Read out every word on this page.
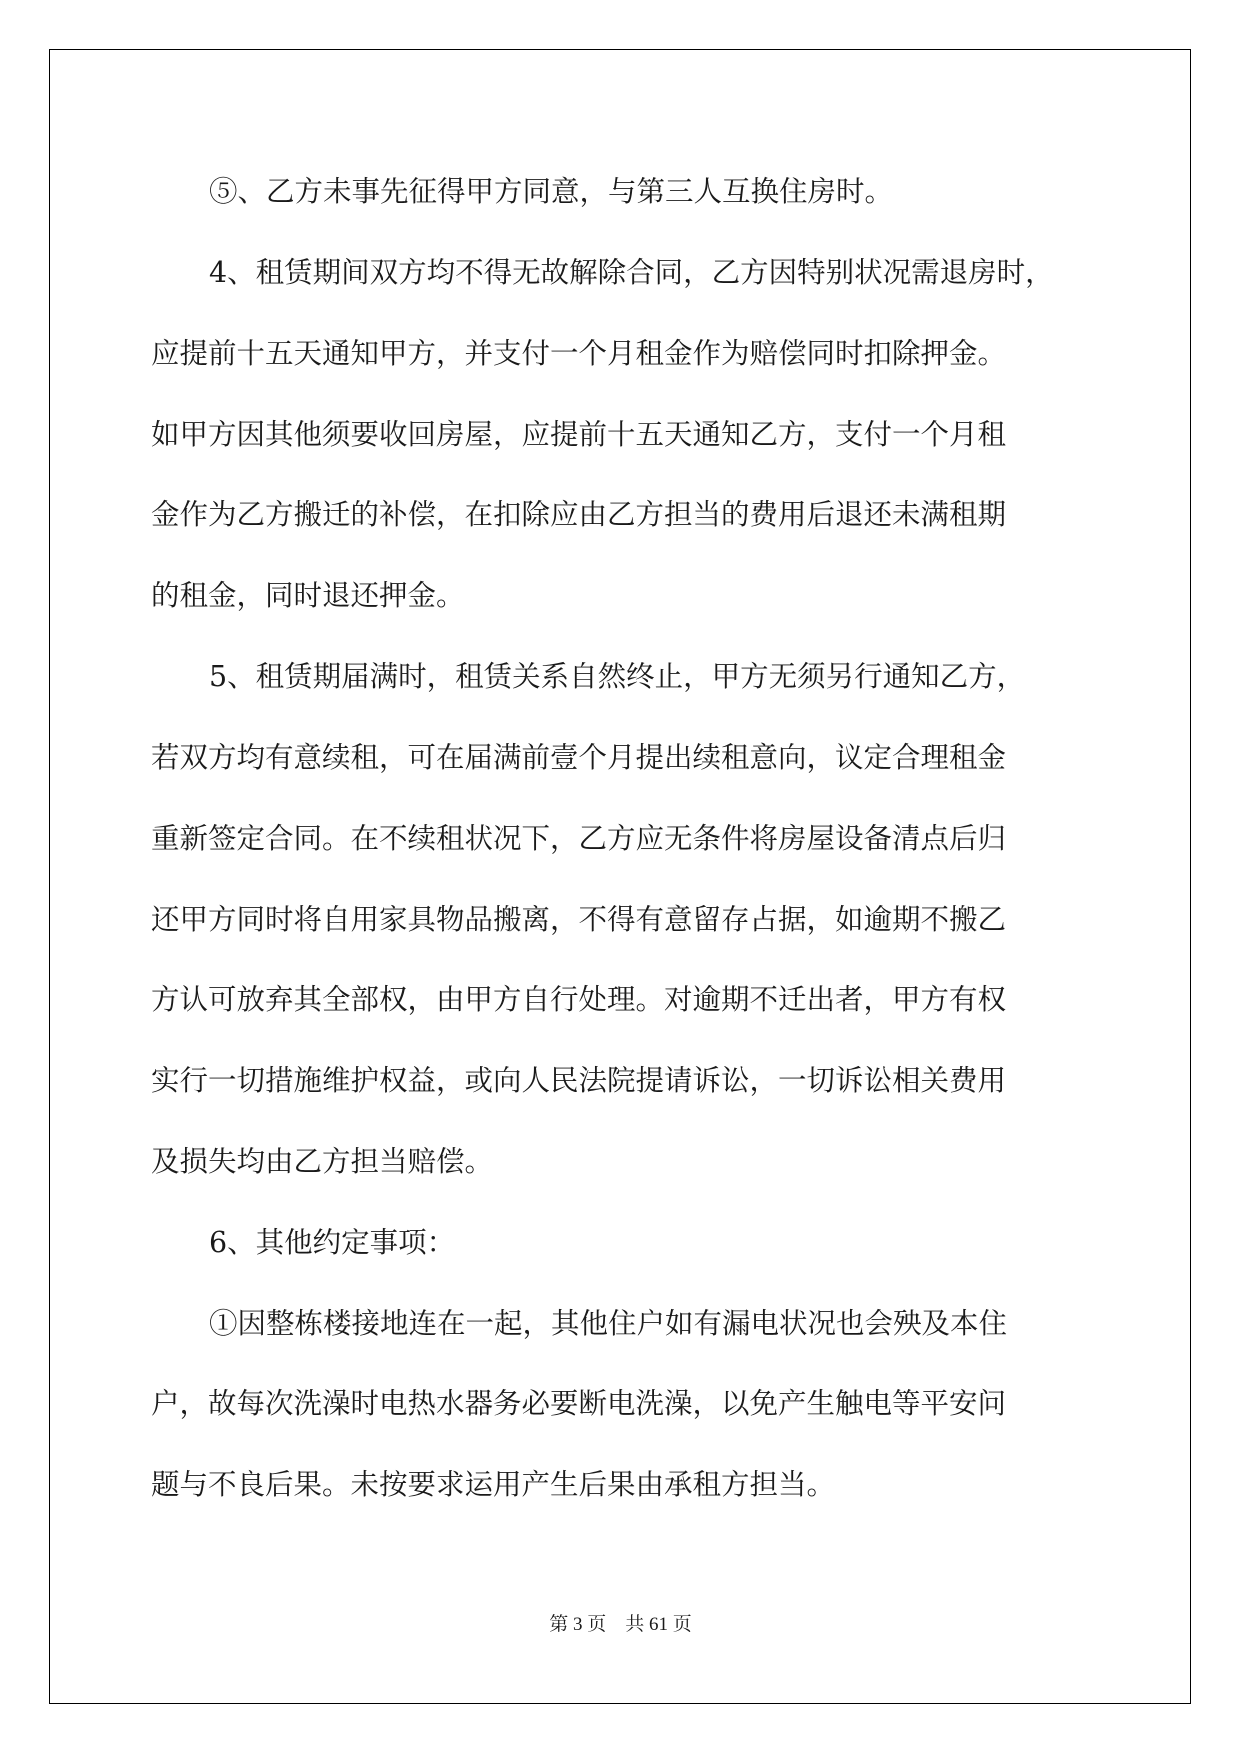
⑤、乙方未事先征得甲方同意，与第三人互换住房时。
4、租赁期间双方均不得无故解除合同，乙方因特别状况需退房时，
应提前十五天通知甲方，并支付一个月租金作为赔偿同时扣除押金。
如甲方因其他须要收回房屋，应提前十五天通知乙方，支付一个月租
金作为乙方搬迁的补偿，在扣除应由乙方担当的费用后退还未满租期
的租金，同时退还押金。
5、租赁期届满时，租赁关系自然终止，甲方无须另行通知乙方，
若双方均有意续租，可在届满前壹个月提出续租意向，议定合理租金
重新签定合同。在不续租状况下，乙方应无条件将房屋设备清点后归
还甲方同时将自用家具物品搬离，不得有意留存占据，如逾期不搬乙
方认可放弃其全部权，由甲方自行处理。对逾期不迁出者，甲方有权
实行一切措施维护权益，或向人民法院提请诉讼，一切诉讼相关费用
及损失均由乙方担当赔偿。
6、其他约定事项：
①因整栋楼接地连在一起，其他住户如有漏电状况也会殃及本住
户，故每次洗澡时电热水器务必要断电洗澡，以免产生触电等平安问
题与不良后果。未按要求运用产生后果由承租方担当。
第 3 页 共 61 页
